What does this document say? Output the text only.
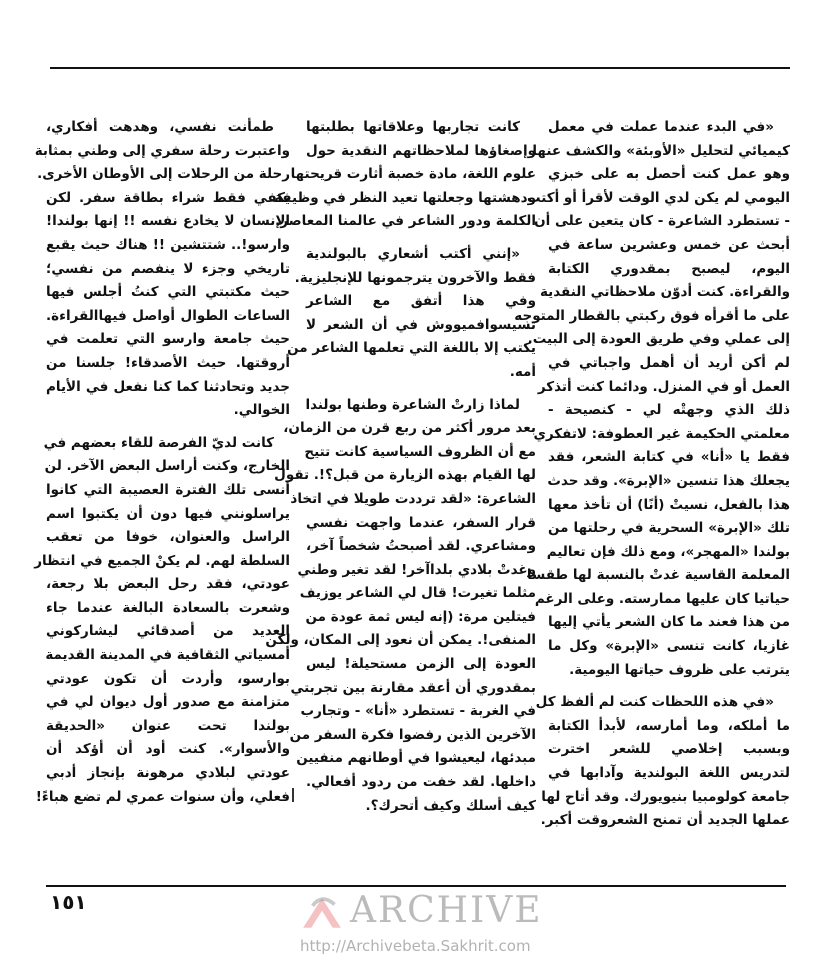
«في البدء عندما عملت في معمل
كيميائي لتحليل «الأوبئة» والكشف عنها
وهو عمل كنت أحصل به على خبزي
اليومي لم يكن لدي الوقت لأقرأ أو أكتب
- تستطرد الشاعرة - كان يتعين على أن
أبحث عن خمس وعشرين ساعة في
اليوم، ليصبح بمقدوري الكتابة
والقراءة. كنت أدوّن ملاحظاتي النقدية
على ما أقرأه فوق ركبتي بالقطار المتوجه
إلى عملي وفي طريق العودة إلى البيت.
لم أكن أريد أن أهمل واجباتي في
العمل أو في المنزل. ودائما كنت أتذكر
ذلك الذي وجهتْه لي - كنصيحة -
معلمتي الحكيمة غير العطوفة: لاتفكري
فقط يا «أنا» في كتابة الشعر، فقد
يجعلك هذا تنسين «الإبرة». وقد حدث
هذا بالفعل، نسيتْ (أنًا) أن تأخذ معها
تلك «الإبرة» السحرية في رحلتها من
بولندا «المهجر»، ومع ذلك فإن تعاليم
المعلمة القاسية غدتْ بالنسبة لها طقسا
حياتيا كان عليها ممارسته. وعلى الرغم
من هذا فعند ما كان الشعر يأتي إليها
غازيا، كانت تنسى «الإبرة» وكل ما
يترتب على ظروف حياتها اليومية.
«في هذه اللحظات كنت لم ألفظ كل
ما أملكه، وما أمارسه، لأبدأ الكتابة
وبسبب إخلاصي للشعر اخترت
لتدريس اللغة البولندية وآدابها في
جامعة كولومبيا بنيويورك. وقد أتاح لها
عملها الجديد أن تمنح الشعروقت أكبر.
كانت تجاربها وعلاقاتها بطلبتها
وإصغاؤها لملاحظاتهم النقدية حول
علوم اللغة، مادة خصبة أثارت قريحتها
ودهشتها وجعلتها تعيد النظر في وظيفة
الكلمة ودور الشاعر في عالمنا المعاصر.
«إنني أكتب أشعاري بالبولندية
فقط والآخرون يترجمونها للإنجليزية.
وفي هذا أتفق مع الشاعر
تسيسوافميووش في أن الشعر لا
يكتب إلا باللغة التي تعلمها الشاعر من
أمه.
لماذا زارتْ الشاعرة وطنها بولندا
بعد مرور أكثر من ربع قرن من الزمان،
مع أن الظروف السياسية كانت تتيح
لها القيام بهذه الزيارة من قبل؟!. تقول
الشاعرة: «لقد ترددت طويلا في اتخاذ
قرار السفر، عندما واجهت نفسي
ومشاعري. لقد أصبحتُ شخصاً آخر،
وغدتْ بلادي بلداآخر! لقد تغير وطني
مثلما تغيرت! قال لي الشاعر يوزيف
فيتلين مرة: (إنه ليس ثمة عودة من
المنفى!. يمكن أن نعود إلى المكان، ولكن
العودة إلى الزمن مستحيلة! ليس
بمقدوري أن أعقد مقارنة بين تجربتي
في الغربة - تستطرد «أنا» - وتجارب
الآخرين الذين رفضوا فكرة السفر من
مبدئها، ليعيشوا في أوطانهم منفيين
داخلها. لقد خفت من ردود أفعالي.
كيف أسلك وكيف أتحرك؟.
طمأنت نفسي، وهدهت أفكاري،
واعتبرت رحلة سفري إلى وطني بمثابة
رحلة من الرحلات إلى الأوطان الأخرى.
يكفي فقط شراء بطاقة سفر. لكن
الإنسان لا يخادع نفسه !! إنها بولندا!
وارسو!.. شتتشين !! هناك حيث يقبع
تاريخي وجزء لا ينفصم من نفسي؛
حيث مكتبتي التي كنتُ أجلس فيها
الساعات الطوال أواصل فيهاالقراءة.
حيث جامعة وارسو التي تعلمت في
أروقتها. حيث الأصدقاء! جلسنا من
جديد وتحادثنا كما كنا نفعل في الأيام
الخوالي.
كانت لديّ الفرصة للقاء بعضهم في
الخارج، وكنت أراسل البعض الآخر. لن
أنسى تلك الفترة العصيبة التي كانوا
يراسلونني فيها دون أن يكتبوا اسم
الراسل والعنوان، خوفا من تعقب
السلطة لهم. لم يكنْ الجميع في انتظار
عودتي، فقد رحل البعض بلا رجعة،
وشعرت بالسعادة البالغة عندما جاء
العديد من أصدقائي ليشاركوني
أمسياتي الثقافية في المدينة القديمة
بوارسو، وأردت أن تكون عودتي
متزامنة مع صدور أول ديوان لي في
بولندا تحت عنوان «الحديقة
والأسوار». كنت أود أن أؤكد أن
عودتي لبلادي مرهونة بإنجاز أدبي
فعلي، وأن سنوات عمري لم تضع هباءً!
١٥١	ARCHIVE
http://Archivebeta.Sakhrit.com
